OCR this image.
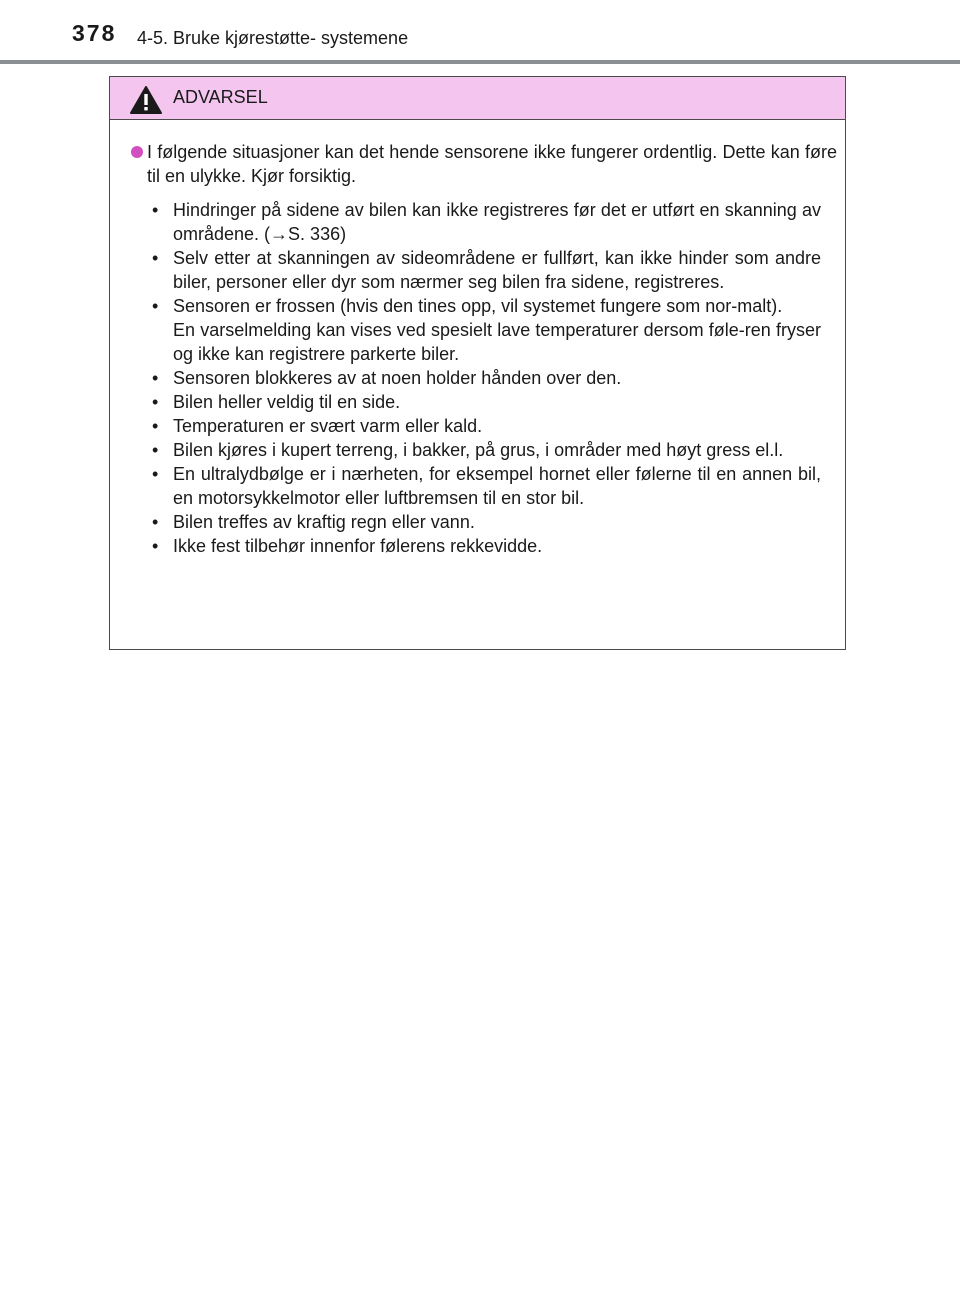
378 4-5. Bruke kjørestøtte- systemene
ADVARSEL
I følgende situasjoner kan det hende sensorene ikke fungerer ordentlig. Dette kan føre til en ulykke. Kjør forsiktig.
• Hindringer på sidene av bilen kan ikke registreres før det er utført en skanning av områdene. (→S. 336)
• Selv etter at skanningen av sideområdene er fullført, kan ikke hinder som andre biler, personer eller dyr som nærmer seg bilen fra sidene, registreres.
• Sensoren er frossen (hvis den tines opp, vil systemet fungere som nor-malt).
En varselmelding kan vises ved spesielt lave temperaturer dersom føle-ren fryser og ikke kan registrere parkerte biler.
• Sensoren blokkeres av at noen holder hånden over den.
• Bilen heller veldig til en side.
• Temperaturen er svært varm eller kald.
• Bilen kjøres i kupert terreng, i bakker, på grus, i områder med høyt gress el.l.
• En ultralydbølge er i nærheten, for eksempel hornet eller følerne til en annen bil, en motorsykkelmotor eller luftbremsen til en stor bil.
• Bilen treffes av kraftig regn eller vann.
• Ikke fest tilbehør innenfor følerens rekkevidde.
